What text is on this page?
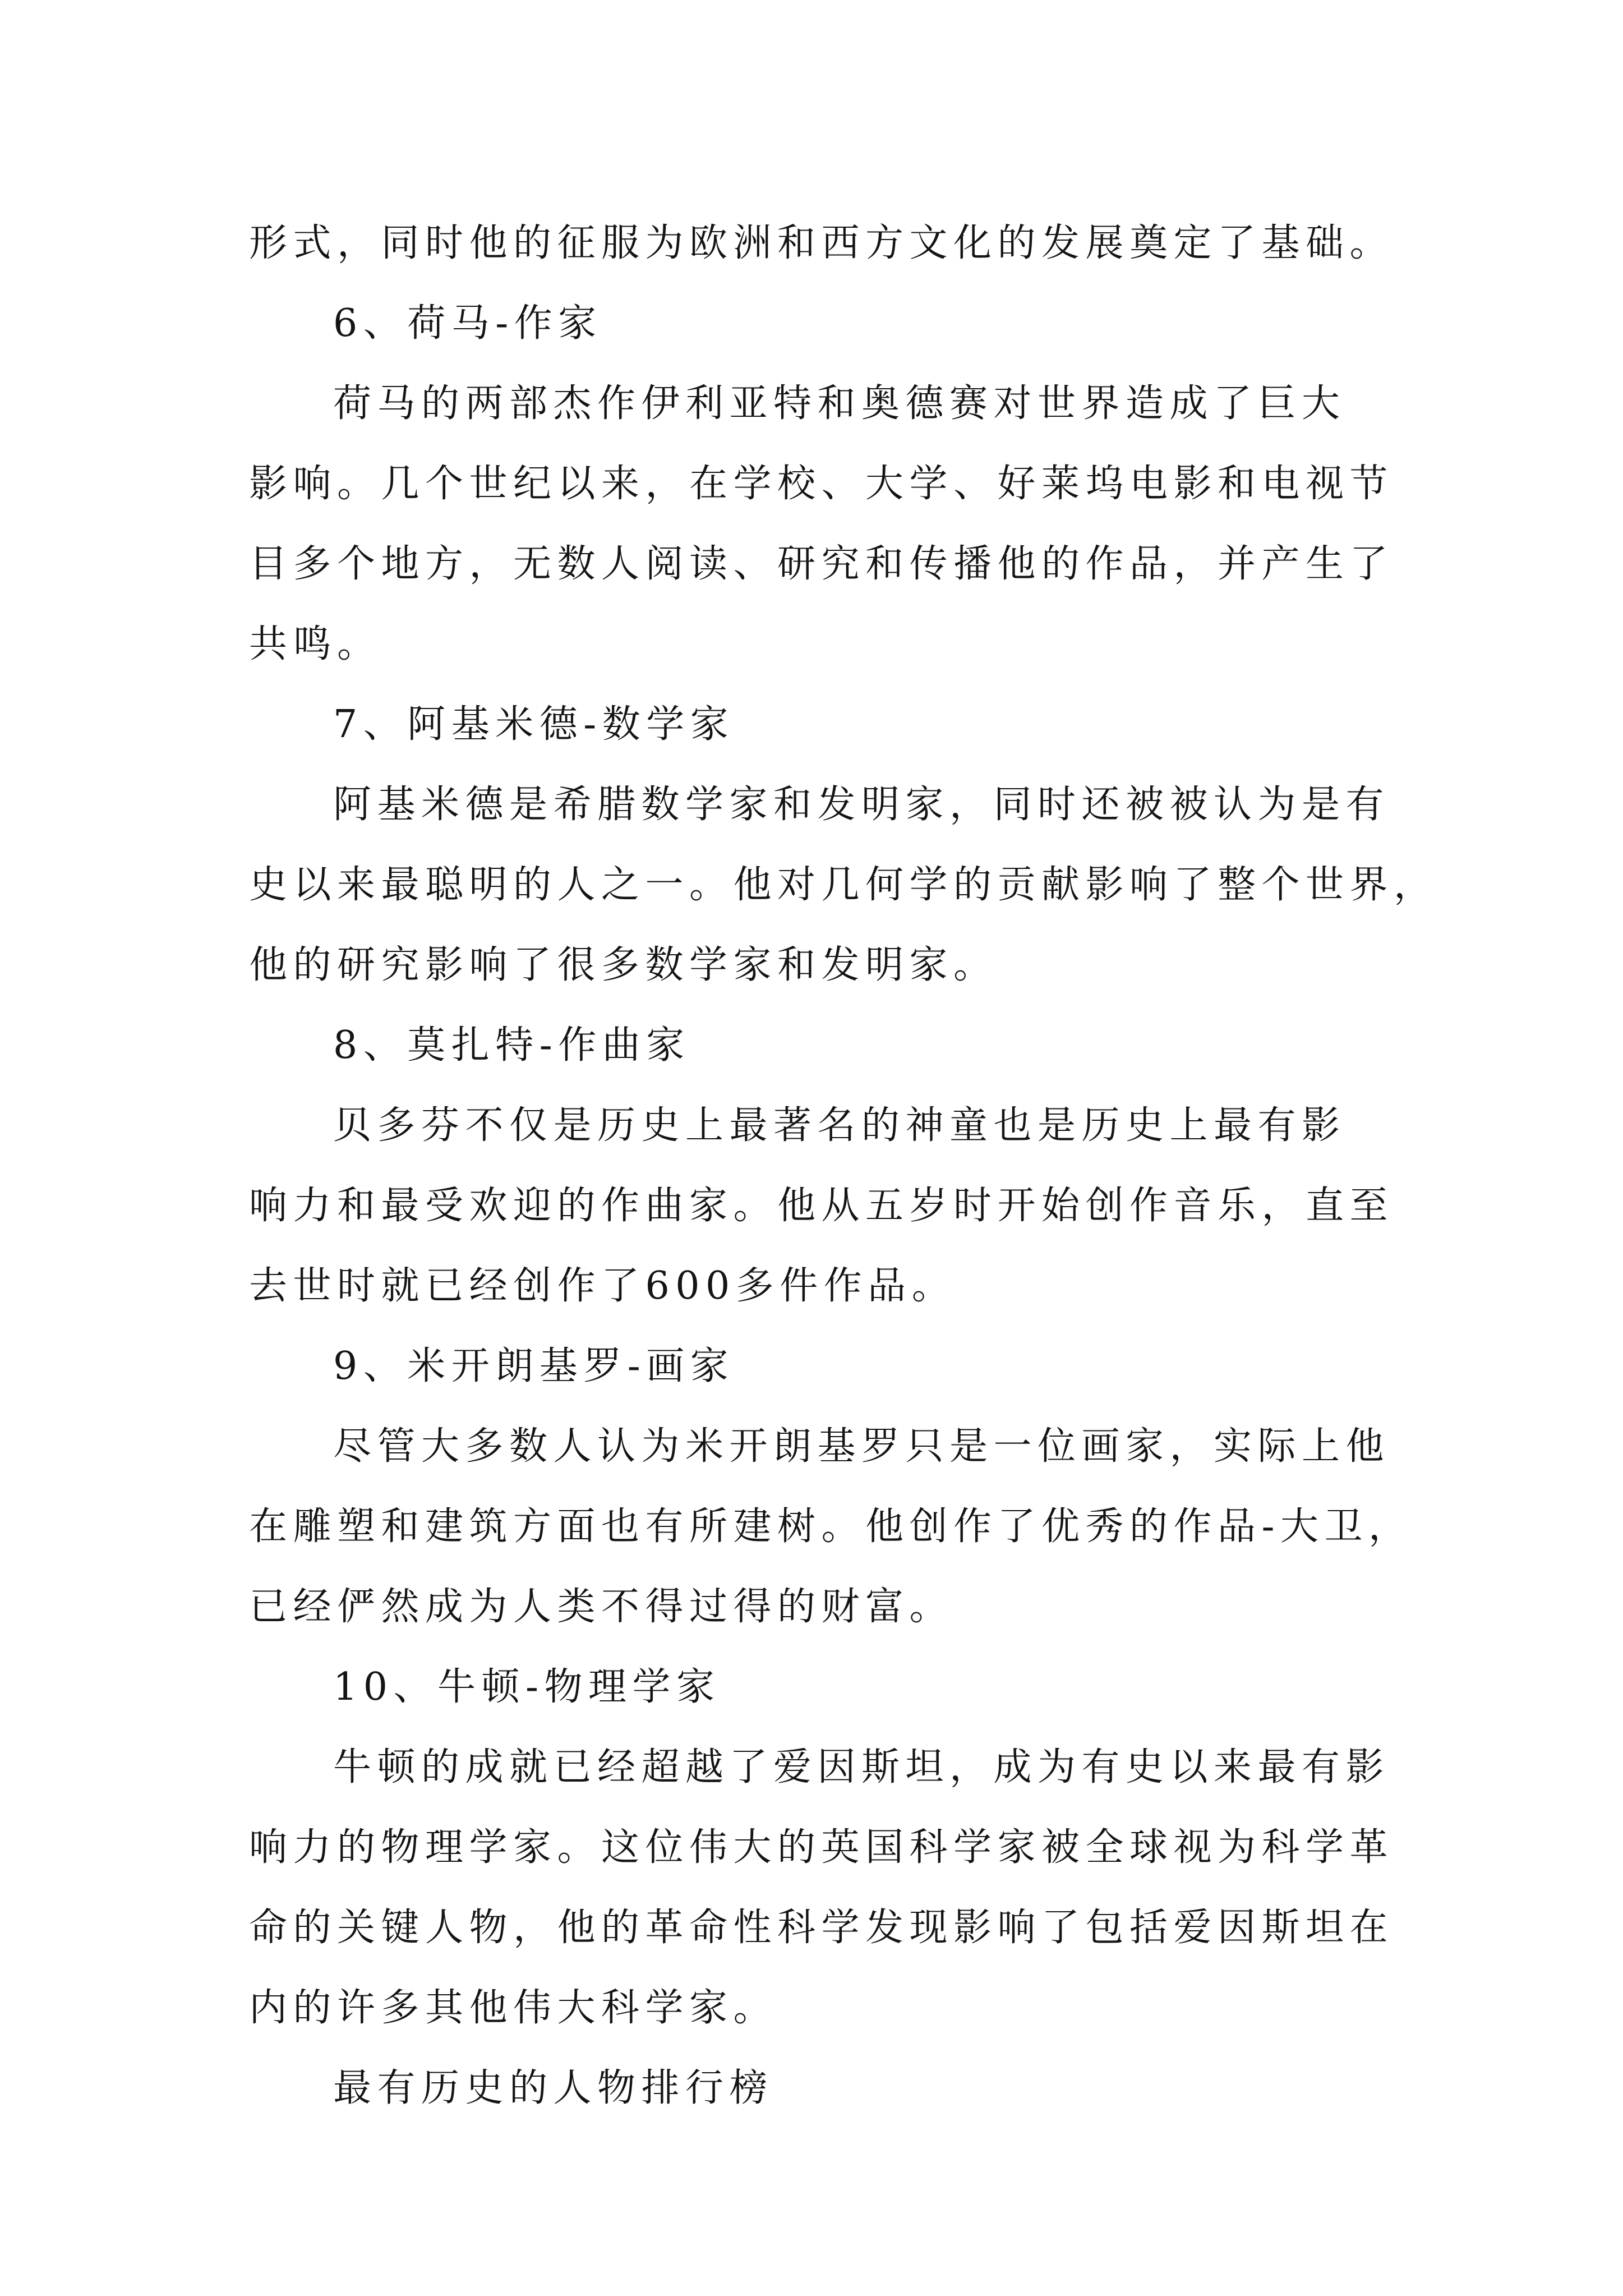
形式，同时他的征服为欧洲和西方文化的发展奠定了基础。
6、荷马-作家
荷马的两部杰作伊利亚特和奥德赛对世界造成了巨大
影响。几个世纪以来，在学校、大学、好莱坞电影和电视节
目多个地方，无数人阅读、研究和传播他的作品，并产生了
共鸣。
7、阿基米德-数学家
阿基米德是希腊数学家和发明家，同时还被被认为是有
史以来最聪明的人之一。他对几何学的贡献影响了整个世界，
他的研究影响了很多数学家和发明家。
8、莫扎特-作曲家
贝多芬不仅是历史上最著名的神童也是历史上最有影
响力和最受欢迎的作曲家。他从五岁时开始创作音乐，直至
去世时就已经创作了600多件作品。
9、米开朗基罗-画家
尽管大多数人认为米开朗基罗只是一位画家，实际上他
在雕塑和建筑方面也有所建树。他创作了优秀的作品-大卫，
已经俨然成为人类不得过得的财富。
10、牛顿-物理学家
牛顿的成就已经超越了爱因斯坦，成为有史以来最有影
响力的物理学家。这位伟大的英国科学家被全球视为科学革
命的关键人物，他的革命性科学发现影响了包括爱因斯坦在
内的许多其他伟大科学家。
最有历史的人物排行榜
